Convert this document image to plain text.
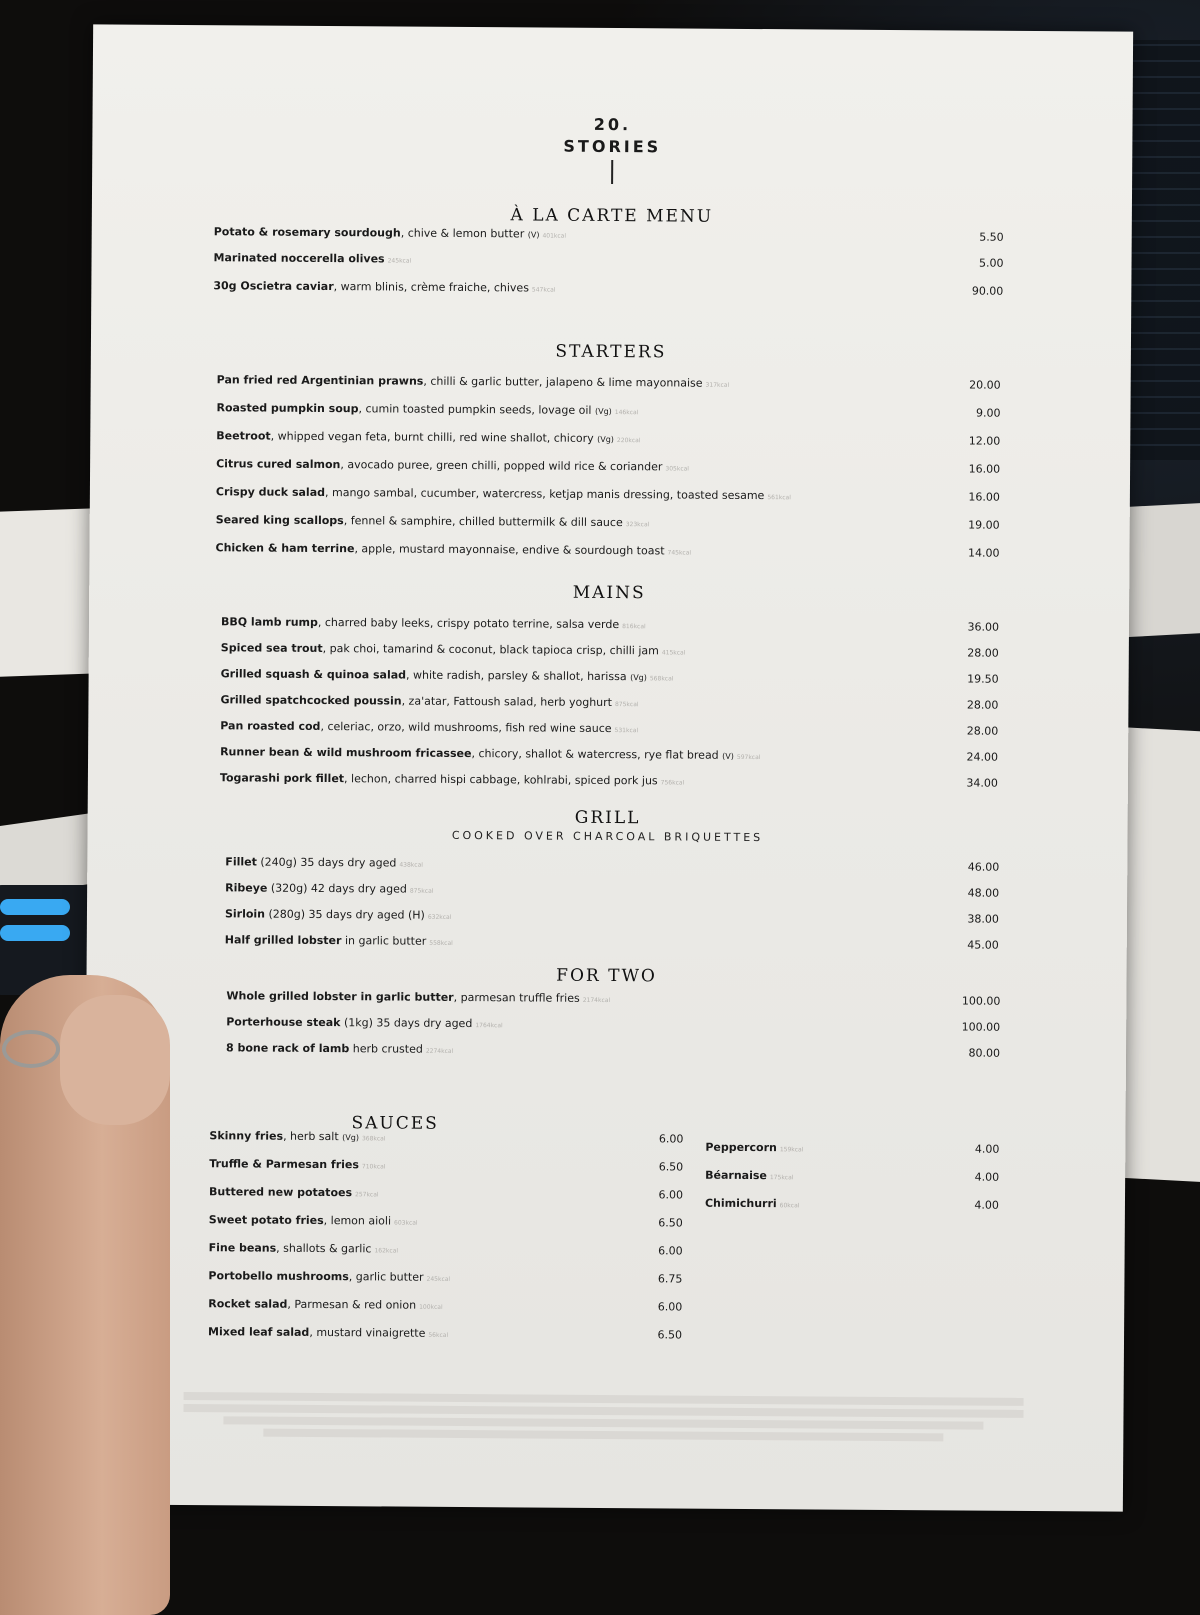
20.
STORIES
À LA CARTE MENU
STARTERS
MAINS
GRILL
COOKED OVER CHARCOAL BRIQUETTES
FOR TWO
SAUCES
Potato & rosemary sourdough, chive & lemon butter (V) 401kcal	5.50
Marinated noccerella olives 245kcal	5.00
30g Oscietra caviar, warm blinis, crème fraiche, chives 547kcal	90.00
Pan fried red Argentinian prawns, chilli & garlic butter, jalapeno & lime mayonnaise 317kcal	20.00
Roasted pumpkin soup, cumin toasted pumpkin seeds, lovage oil (Vg) 146kcal	9.00
Beetroot, whipped vegan feta, burnt chilli, red wine shallot, chicory (Vg) 220kcal	12.00
Citrus cured salmon, avocado puree, green chilli, popped wild rice & coriander 305kcal	16.00
Crispy duck salad, mango sambal, cucumber, watercress, ketjap manis dressing, toasted sesame 561kcal	16.00
Seared king scallops, fennel & samphire, chilled buttermilk & dill sauce 323kcal	19.00
Chicken & ham terrine, apple, mustard mayonnaise, endive & sourdough toast 745kcal	14.00
BBQ lamb rump, charred baby leeks, crispy potato terrine, salsa verde 816kcal	36.00
Spiced sea trout, pak choi, tamarind & coconut, black tapioca crisp, chilli jam 415kcal	28.00
Grilled squash & quinoa salad, white radish, parsley & shallot, harissa (Vg) 568kcal	19.50
Grilled spatchcocked poussin, za'atar, Fattoush salad, herb yoghurt 875kcal	28.00
Pan roasted cod, celeriac, orzo, wild mushrooms, fish red wine sauce 531kcal	28.00
Runner bean & wild mushroom fricassee, chicory, shallot & watercress, rye flat bread (V) 597kcal	24.00
Togarashi pork fillet, lechon, charred hispi cabbage, kohlrabi, spiced pork jus 756kcal	34.00
Fillet (240g) 35 days dry aged 438kcal	46.00
Ribeye (320g) 42 days dry aged 875kcal	48.00
Sirloin (280g) 35 days dry aged (H) 632kcal	38.00
Half grilled lobster in garlic butter 558kcal	45.00
Whole grilled lobster in garlic butter, parmesan truffle fries 2174kcal	100.00
Porterhouse steak (1kg) 35 days dry aged 1764kcal	100.00
8 bone rack of lamb herb crusted 2274kcal	80.00
Skinny fries, herb salt (Vg) 368kcal	6.00
Truffle & Parmesan fries 710kcal	6.50
Buttered new potatoes 257kcal	6.00
Sweet potato fries, lemon aioli 603kcal	6.50
Fine beans, shallots & garlic 162kcal	6.00
Portobello mushrooms, garlic butter 245kcal	6.75
Rocket salad, Parmesan & red onion 100kcal	6.00
Mixed leaf salad, mustard vinaigrette 56kcal	6.50
Peppercorn 159kcal	4.00
Béarnaise 175kcal	4.00
Chimichurri 60kcal	4.00
